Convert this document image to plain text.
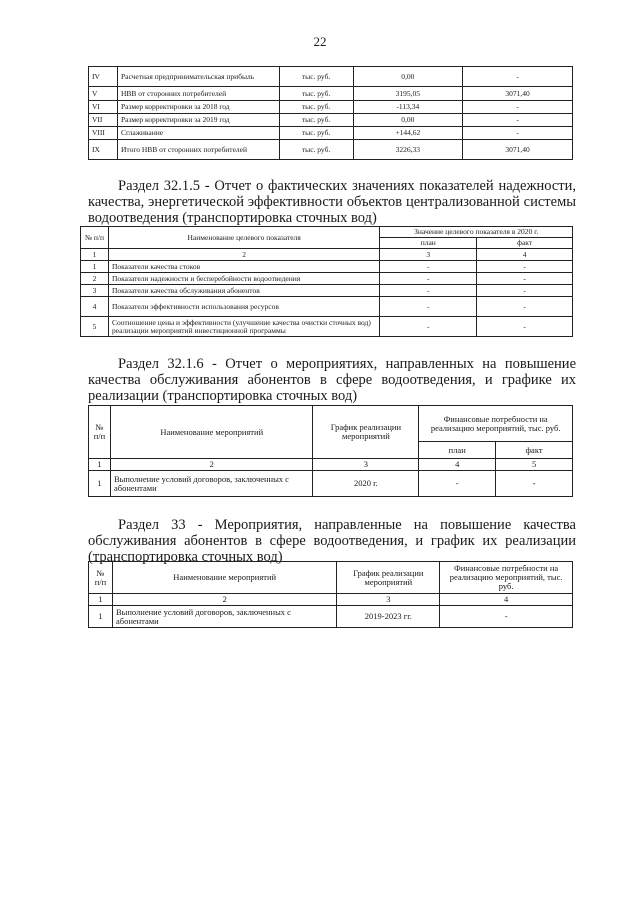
22
IV	Расчетная предпринимательская прибыль	тыс. руб.	0,00	-
V	НВВ от сторонних потребителей	тыс. руб.	3195,05	3071,40
VI	Размер корректировки за 2018 год	тыс. руб.	-113,34	-
VII	Размер корректировки за 2019 год	тыс. руб.	0,00	-
VIII	Сглаживание	тыс. руб.	+144,62	-
IX	Итого НВВ от сторонних потребителей	тыс. руб.	3226,33	3071,40
Раздел 32.1.5 - Отчет о фактических значениях показателей надежности, качества, энергетической эффективности объектов централизованной системы водоотведения (транспортировка сточных вод)
№ п/п	Наименование целевого показателя	Значение целевого показателя в 2020 г.	
		план	факт
1	2	3	4
1	Показатели качества стоков	-	-
2	Показатели надежности и бесперебойности водоотведения	-	-
3	Показатели качества обслуживания абонентов	-	-
4	Показатели эффективности использования ресурсов	-	-
5	Соотношение цены и эффективности (улучшение качества очистки сточных вод) реализации мероприятий инвестиционной программы	-	-
Раздел 32.1.6 - Отчет о мероприятиях, направленных на повышение качества обслуживания абонентов в сфере водоотведения, и графике их реализации (транспортировка сточных вод)
№ п/п	Наименование мероприятий	График реализации мероприятий	Финансовые потребности на реализацию мероприятий, тыс. руб.	
			план	факт
1	2	3	4	5
1	Выполнение условий договоров, заключенных с абонентами	2020 г.	-	-
Раздел 33 - Мероприятия, направленные на повышение качества обслуживания абонентов в сфере водоотведения, и график их реализации (транспортировка сточных вод)
№ п/п	Наименование мероприятий	График реализации мероприятий	Финансовые потребности на реализацию мероприятий, тыс. руб.
1	2	3	4
1	Выполнение условий договоров, заключенных с абонентами	2019-2023 гг.	-
